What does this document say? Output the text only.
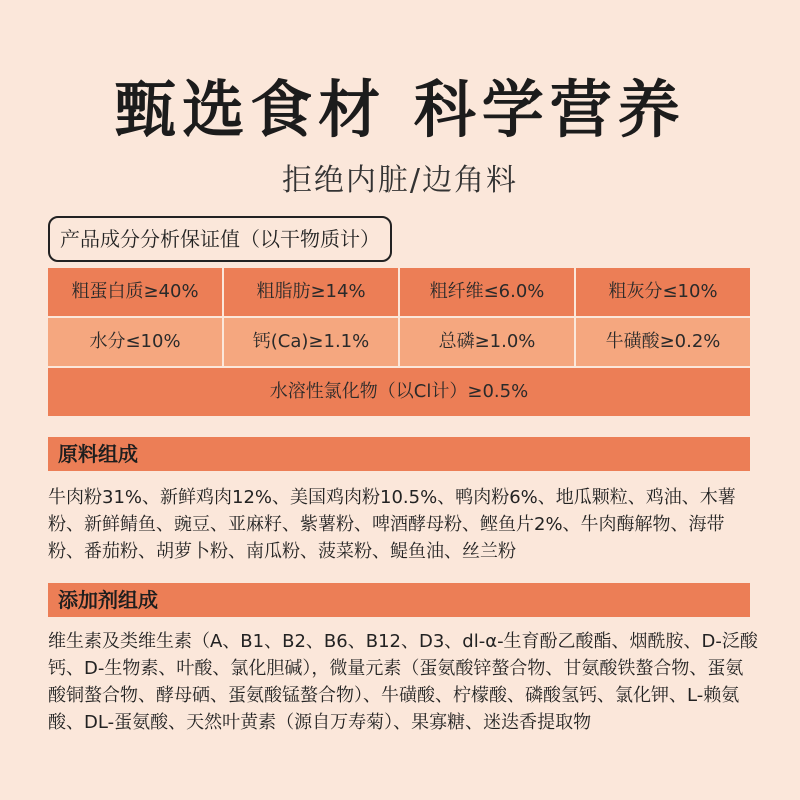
甄选食材 科学营养
拒绝内脏/边角料
产品成分分析保证值（以干物质计）
粗蛋白质≥40%	粗脂肪≥14%	粗纤维≤6.0%	粗灰分≤10%
水分≤10%	钙(Ca)≥1.1%	总磷≥1.0%	牛磺酸≥0.2%
水溶性氯化物（以Cl计）≥0.5%
原料组成
牛肉粉31%、新鲜鸡肉12%、美国鸡肉粉10.5%、鸭肉粉6%、地瓜颗粒、鸡油、木薯粉、新鲜鲭鱼、豌豆、亚麻籽、紫薯粉、啤酒酵母粉、鲣鱼片2%、牛肉酶解物、海带粉、番茄粉、胡萝卜粉、南瓜粉、菠菜粉、鳀鱼油、丝兰粉
添加剂组成
维生素及类维生素（A、B1、B2、B6、B12、D3、dl-α-生育酚乙酸酯、烟酰胺、D-泛酸钙、D-生物素、叶酸、氯化胆碱），微量元素（蛋氨酸锌螯合物、甘氨酸铁螯合物、蛋氨酸铜螯合物、酵母硒、蛋氨酸锰螯合物）、牛磺酸、柠檬酸、磷酸氢钙、氯化钾、L-赖氨酸、DL-蛋氨酸、天然叶黄素（源自万寿菊）、果寡糖、迷迭香提取物
